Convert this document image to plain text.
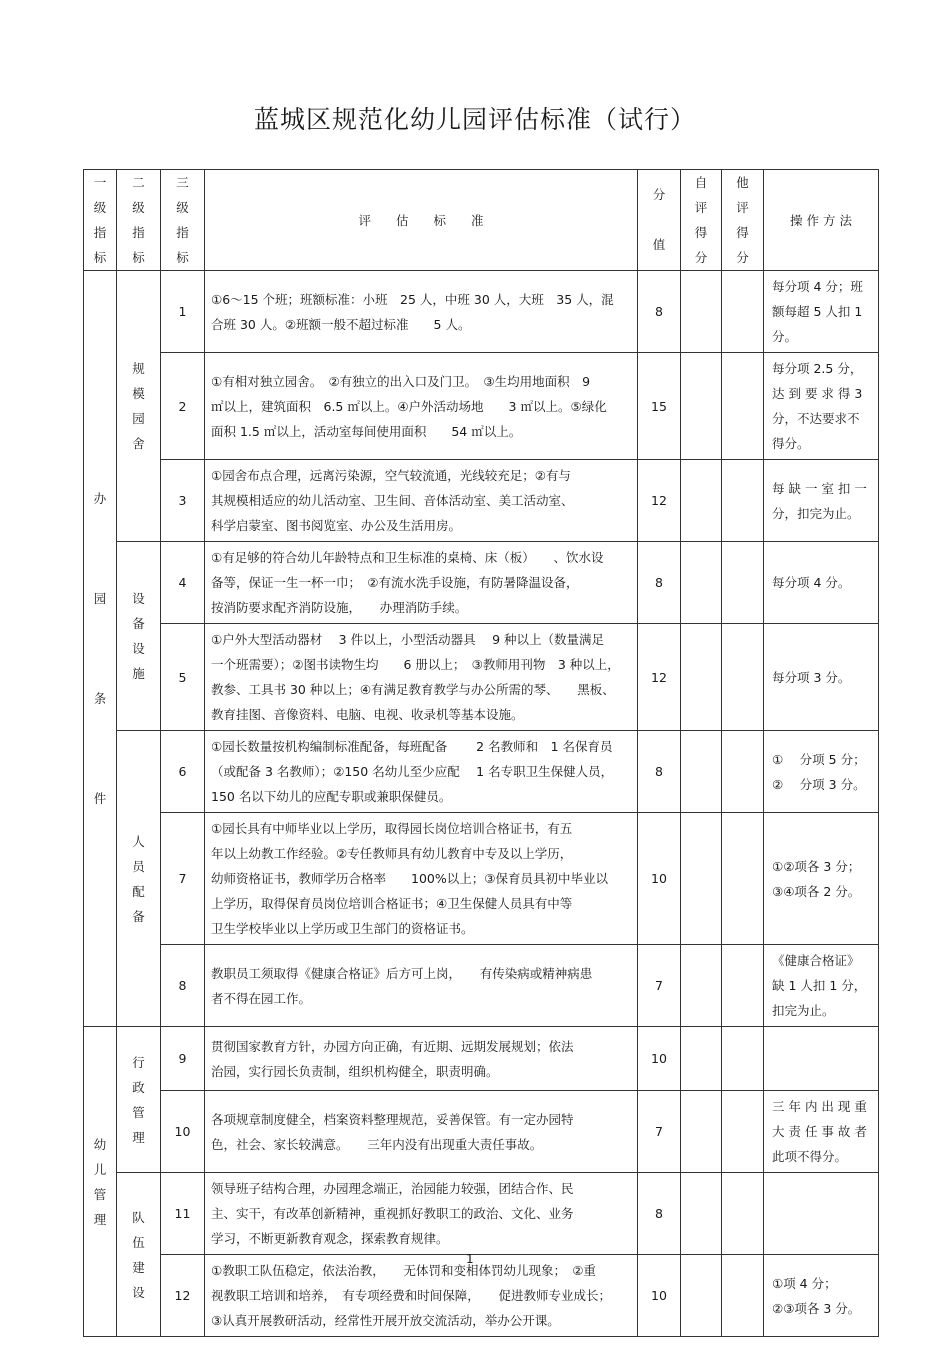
蓝城区规范化幼儿园评估标准（试行）
一
级
指
标	二
级
指
标	三
级
指
标	评　　估　　标　　准	分
值	自
评
得
分	他
评
得
分	操 作 方 法

办
园
条
件	规
模
园
舍	1	①6～15 个班；班额标准：小班　25 人，中班 30 人，大班　35 人，混
合班 30 人。②班额一般不超过标准　　5 人。	8			每分项 4 分；班
额每超 5 人扣 1
分。

		2	①有相对独立园舍。　②有独立的出入口及门卫。　③生均用地面积　9
㎡以上，建筑面积　6.5 ㎡以上。④户外活动场地　　3 ㎡以上。⑤绿化
面积 1.5 ㎡以上，活动室每间使用面积　　54 ㎡以上。	15			每分项 2.5 分，
达 到 要 求 得 3
分，不达要求不
得分。

		3	①园舍布点合理，远离污染源，空气较流通，光线较充足；②有与
其规模相适应的幼儿活动室、卫生间、音体活动室、美工活动室、
科学启蒙室、图书阅览室、办公及生活用房。	12			每 缺 一 室 扣 一
分，扣完为止。

	设
备
设
施	4	①有足够的符合幼儿年龄特点和卫生标准的桌椅、床（板）　　、饮水设
备等，保证一生一杯一巾；　②有流水洗手设施，有防暑降温设备，
按消防要求配齐消防设施，　　办理消防手续。	8			每分项 4 分。

		5	①户外大型活动器材　 3 件以上，小型活动器具　 9 种以上（数量满足
一个班需要）；②图书读物生均　　6 册以上；　③教师用刊物　3 种以上，
教参、工具书 30 种以上；④有满足教育教学与办公所需的琴、　　黑板、
教育挂图、音像资料、电脑、电视、收录机等基本设施。	12			每分项 3 分。

	人
员
配
备	6	①园长数量按机构编制标准配备，每班配备　　 2 名教师和　1 名保育员
（或配备 3 名教师）；②150 名幼儿至少应配　 1 名专职卫生保健人员，
150 名以下幼儿的应配专职或兼职保健员。	8			①　 分项 5 分；
②　 分项 3 分。

		7	①园长具有中师毕业以上学历，取得园长岗位培训合格证书，有五
年以上幼教工作经验。②专任教师具有幼儿教育中专及以上学历，
幼师资格证书，教师学历合格率　　100%以上；③保育员具初中毕业以
上学历，取得保育员岗位培训合格证书；④卫生保健人员具有中等
卫生学校毕业以上学历或卫生部门的资格证书。	10			①②项各 3 分；
③④项各 2 分。

		8	教职员工须取得《健康合格证》后方可上岗，　　有传染病或精神病患
者不得在园工作。	7			《健康合格证》
缺 1 人扣 1 分，
扣完为止。

幼
儿
管
理	行
政
管
理	9	贯彻国家教育方针，办园方向正确，有近期、远期发展规划；依法
治园，实行园长负责制，组织机构健全，职责明确。	10			
		10	各项规章制度健全，档案资料整理规范，妥善保管。有一定办园特
色，社会、家长较满意。　　三年内没有出现重大责任事故。	7			三 年 内 出 现 重
大 责 任 事 故 者
此项不得分。

	队
伍
建
设	11	领导班子结构合理，办园理念端正，治园能力较强，团结合作、民
主、实干，有改革创新精神，重视抓好教职工的政治、文化、业务
学习，不断更新教育观念，探索教育规律。	8			
		12	①教职工队伍稳定，依法治教，　　无体罚和变相体罚幼儿现象；　②重
视教职工培训和培养，　有专项经费和时间保障，　　促进教师专业成长；
③认真开展教研活动，经常性开展开放交流活动，举办公开课。	10			①项 4 分；
②③项各 3 分。
1
